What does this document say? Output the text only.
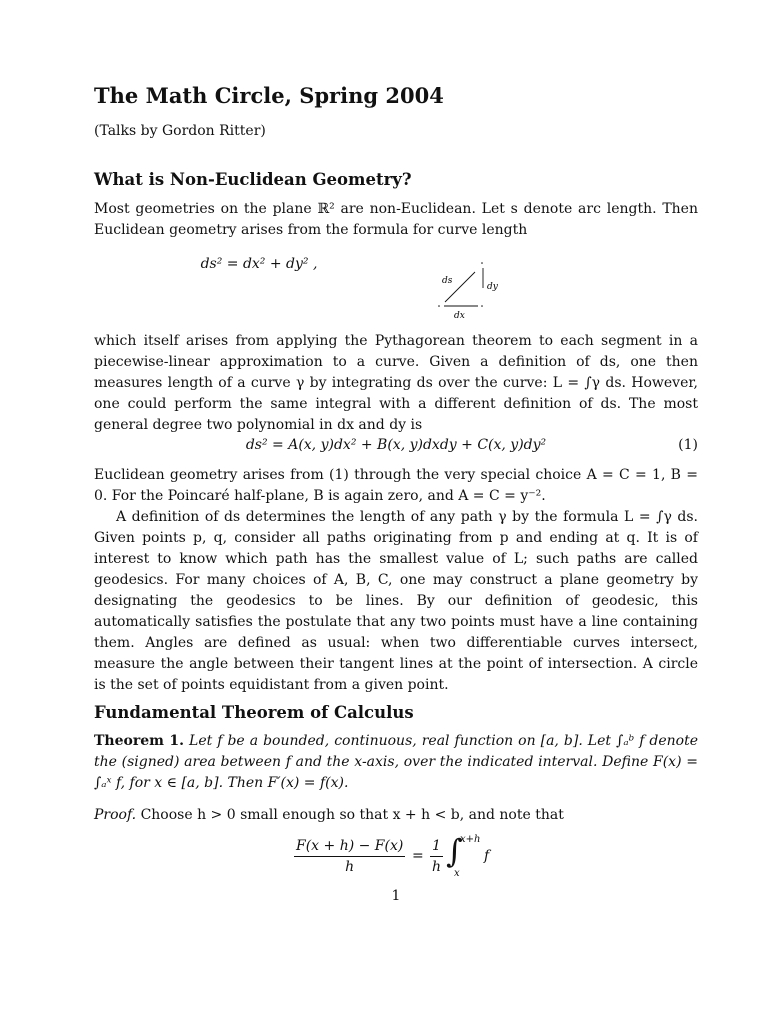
The Math Circle, Spring 2004

(Talks by Gordon Ritter)

What is Non-Euclidean Geometry?

Most geometries on the plane ℝ² are non-Euclidean. Let s denote arc length. Then Euclidean geometry arises from the formula for curve length

ds² = dx² + dy² ,
ds
dy
dx

which itself arises from applying the Pythagorean theorem to each segment in a piecewise-linear approximation to a curve. Given a definition of ds, one then measures length of a curve γ by integrating ds over the curve: L = ∫γ ds. However, one could perform the same integral with a different definition of ds. The most general degree two polynomial in dx and dy is

ds² = A(x, y)dx² + B(x, y)dxdy + C(x, y)dy²	(1)

Euclidean geometry arises from (1) through the very special choice A = C = 1, B = 0. For the Poincaré half-plane, B is again zero, and A = C = y⁻².

A definition of ds determines the length of any path γ by the formula L = ∫γ ds. Given points p, q, consider all paths originating from p and ending at q. It is of interest to know which path has the smallest value of L; such paths are called geodesics. For many choices of A, B, C, one may construct a plane geometry by designating the geodesics to be lines. By our definition of geodesic, this automatically satisfies the postulate that any two points must have a line containing them. Angles are defined as usual: when two differentiable curves intersect, measure the angle between their tangent lines at the point of intersection. A circle is the set of points equidistant from a given point.

Fundamental Theorem of Calculus

Theorem 1. Let f be a bounded, continuous, real function on [a, b]. Let ∫ₐᵇ f denote the (signed) area between f and the x-axis, over the indicated interval. Define F(x) = ∫ₐˣ f, for x ∈ [a, b]. Then F′(x) = f(x).

Proof. Choose h > 0 small enough so that x + h < b, and note that

$\frac{F(x + h) - F(x)}{h} = \frac{1}{h}$ ∫
x+h
x
f
1
